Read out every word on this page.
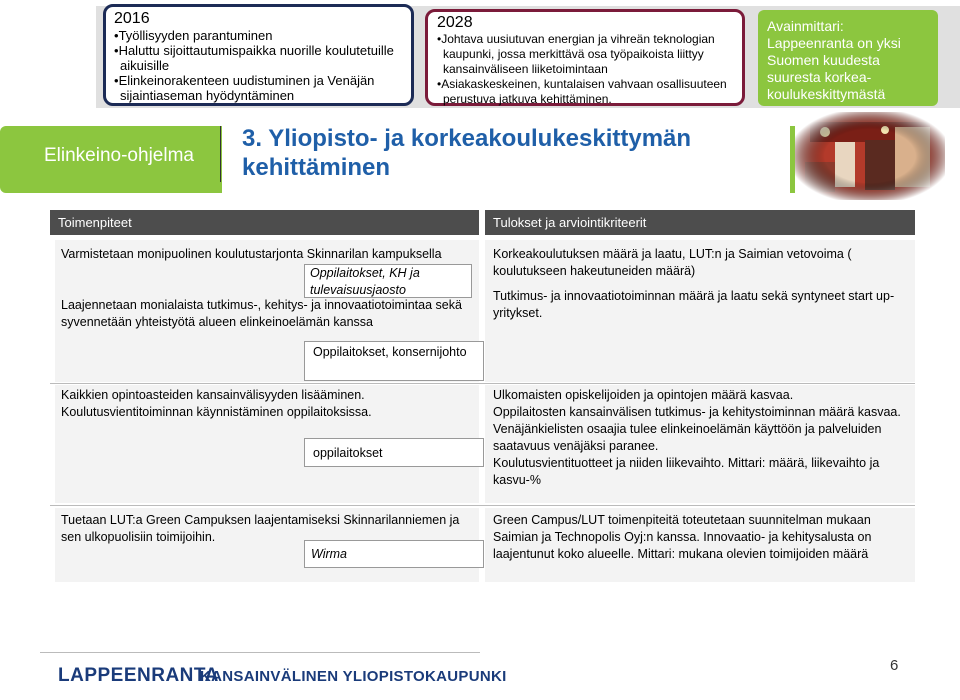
2016
•Työllisyyden parantuminen
•Haluttu sijoittautumispaikka nuorille koulutetuille aikuisille
•Elinkeinorakenteen uudistuminen ja Venäjän sijaintiaseman hyödyntäminen
2028
•Johtava uusiutuvan energian ja vihreän teknologian kaupunki, jossa merkittävä osa työpaikoista liittyy kansainväliseen liiketoimintaan
•Asiakaskeskeinen, kuntalaisen vahvaan osallisuuteen perustuva jatkuva kehittäminen.
Avainmittari: Lappeenranta on yksi Suomen kuudesta suuresta korkea-koulukeskittymästä
Elinkeino-ohjelma
3. Yliopisto- ja korkeakoulukeskittymän kehittäminen
Toimenpiteet	Tulokset ja arviointikriteerit
Varmistetaan monipuolinen koulutustarjonta Skinnarilan kampuksella
Laajennetaan monialaista tutkimus-, kehitys- ja innovaatiotoimintaa sekä syvennetään yhteistyötä alueen elinkeinoelämän kanssa
Oppilaitokset, KH ja tulevaisuusjaosto
Oppilaitokset, konsernijohto
Korkeakoulutuksen määrä ja laatu, LUT:n ja Saimian vetovoima ( koulutukseen hakeutuneiden määrä)
Tutkimus- ja innovaatiotoiminnan määrä ja laatu sekä syntyneet start up-yritykset.
Kaikkien opintoasteiden kansainvälisyyden lisääminen.
Koulutusvientitoiminnan käynnistäminen oppilaitoksissa.
oppilaitokset
Ulkomaisten opiskelijoiden ja opintojen määrä kasvaa.
Oppilaitosten kansainvälisen tutkimus- ja kehitystoiminnan määrä kasvaa.
Venäjänkielisten osaajia tulee elinkeinoelämän käyttöön ja palveluiden saatavuus venäjäksi paranee.
Koulutusvientituotteet ja niiden liikevaihto. Mittari: määrä, liikevaihto ja kasvu-%
Tuetaan LUT:a Green Campuksen laajentamiseksi Skinnarilanniemen ja sen ulkopuolisiin toimijoihin.
Wirma
Green Campus/LUT toimenpiteitä toteutetaan suunnitelman mukaan Saimian ja Technopolis Oyj:n kanssa. Innovaatio- ja kehitysalusta on laajentunut koko alueelle. Mittari: mukana olevien toimijoiden määrä
LAPPEENRANTA
KANSAINVÄLINEN YLIOPISTOKAUPUNKI
6
